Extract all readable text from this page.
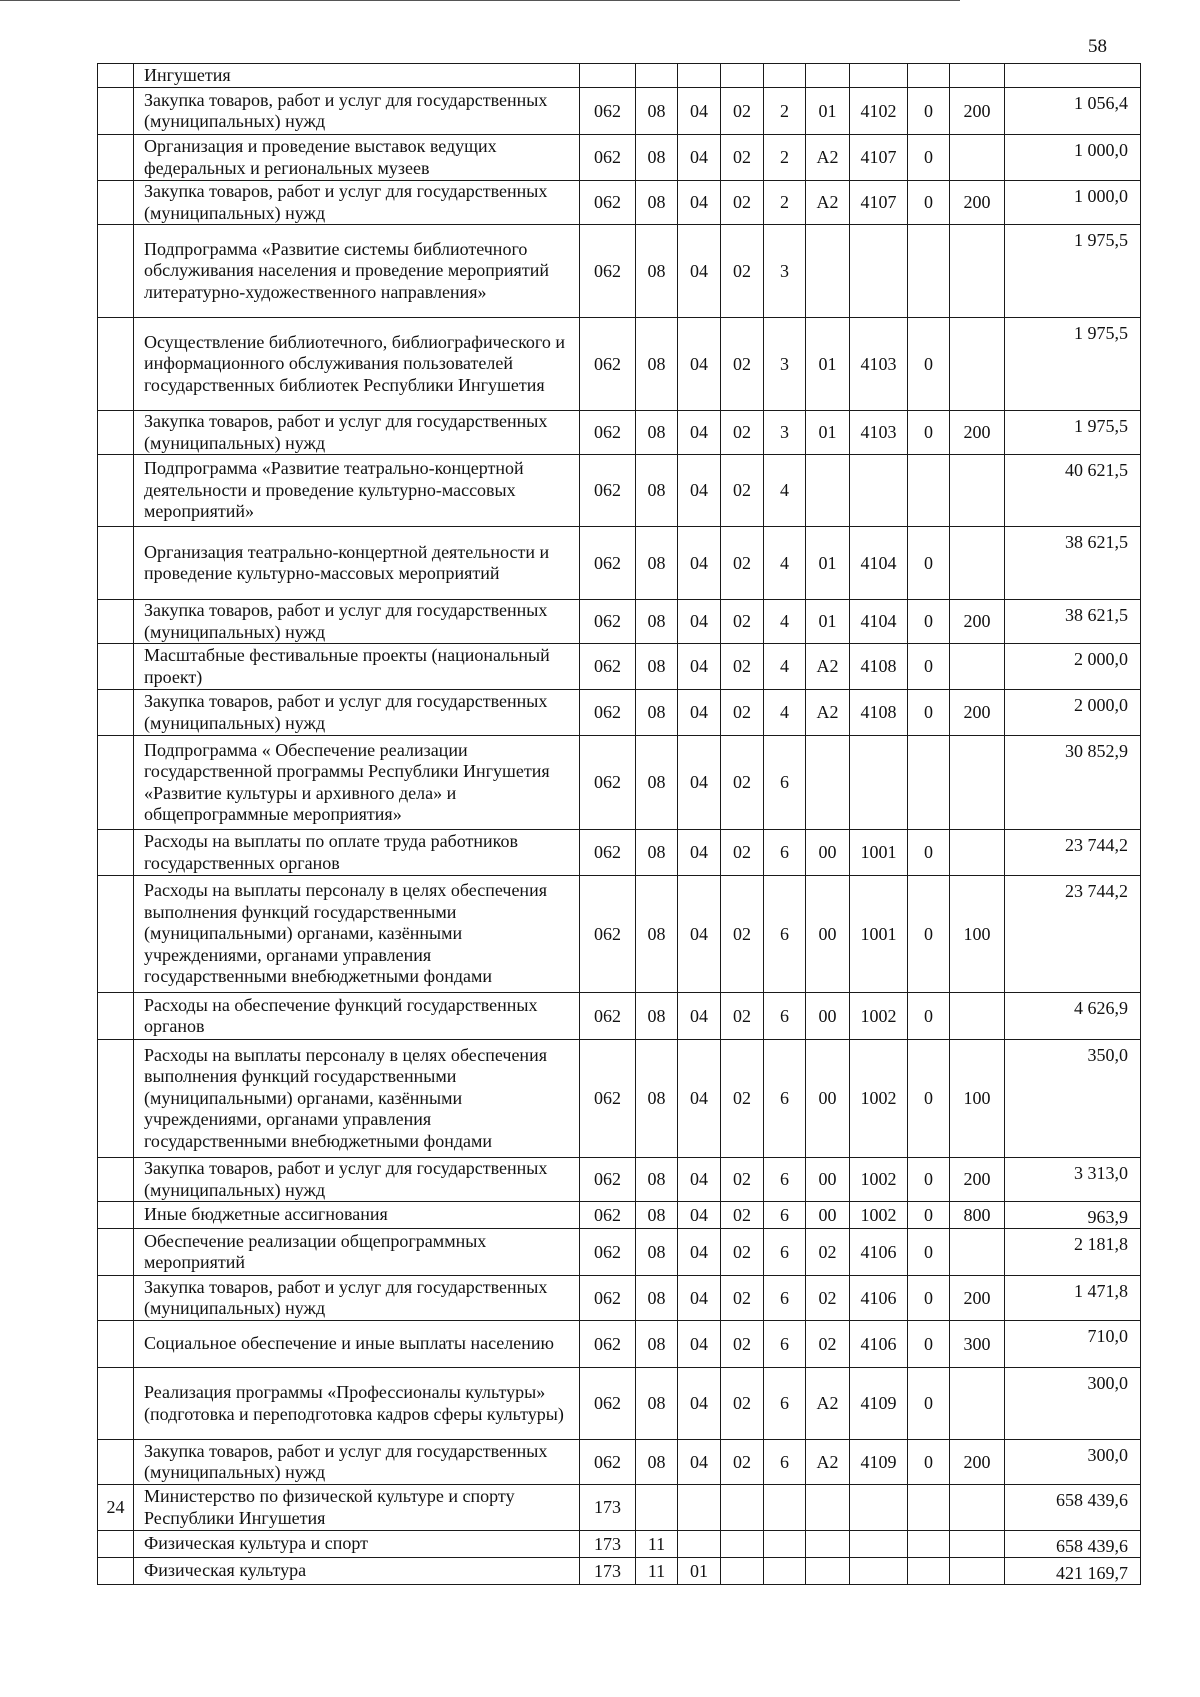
58
	Ингушетия										
	Закупка товаров, работ и услуг для государственных (муниципальных) нужд	062	08	04	02	2	01	4102	0	200	1 056,4
	Организация и проведение выставок ведущих федеральных и региональных музеев	062	08	04	02	2	А2	4107	0		1 000,0
	Закупка товаров, работ и услуг для государственных (муниципальных) нужд	062	08	04	02	2	А2	4107	0	200	1 000,0
	Подпрограмма «Развитие системы библиотечного обслуживания населения и проведение мероприятий литературно-художественного направления»	062	08	04	02	3					1 975,5
	Осуществление библиотечного, библиографического и информационного обслуживания пользователей государственных библиотек Республики Ингушетия	062	08	04	02	3	01	4103	0		1 975,5
	Закупка товаров, работ и услуг для государственных (муниципальных) нужд	062	08	04	02	3	01	4103	0	200	1 975,5
	Подпрограмма «Развитие театрально-концертной деятельности и проведение культурно-массовых мероприятий»	062	08	04	02	4					40 621,5
	Организация театрально-концертной деятельности и проведение культурно-массовых мероприятий	062	08	04	02	4	01	4104	0		38 621,5
	Закупка товаров, работ и услуг для государственных (муниципальных) нужд	062	08	04	02	4	01	4104	0	200	38 621,5
	Масштабные фестивальные проекты (национальный проект)	062	08	04	02	4	А2	4108	0		2 000,0
	Закупка товаров, работ и услуг для государственных (муниципальных) нужд	062	08	04	02	4	А2	4108	0	200	2 000,0
	Подпрограмма « Обеспечение реализации государственной программы Республики Ингушетия «Развитие культуры и архивного дела» и общепрограммные мероприятия»	062	08	04	02	6					30 852,9
	Расходы на выплаты по оплате труда работников государственных органов	062	08	04	02	6	00	1001	0		23 744,2
	Расходы на выплаты персоналу в целях обеспечения выполнения функций государственными (муниципальными) органами, казёнными учреждениями, органами управления государственными внебюджетными фондами	062	08	04	02	6	00	1001	0	100	23 744,2
	Расходы на обеспечение функций государственных органов	062	08	04	02	6	00	1002	0		4 626,9
	Расходы на выплаты персоналу в целях обеспечения выполнения функций государственными (муниципальными) органами, казёнными учреждениями, органами управления государственными внебюджетными фондами	062	08	04	02	6	00	1002	0	100	350,0
	Закупка товаров, работ и услуг для государственных (муниципальных) нужд	062	08	04	02	6	00	1002	0	200	3 313,0
	Иные бюджетные ассигнования	062	08	04	02	6	00	1002	0	800	963,9
	Обеспечение реализации общепрограммных мероприятий	062	08	04	02	6	02	4106	0		2 181,8
	Закупка товаров, работ и услуг для государственных (муниципальных) нужд	062	08	04	02	6	02	4106	0	200	1 471,8
	Социальное обеспечение и иные выплаты населению	062	08	04	02	6	02	4106	0	300	710,0
	Реализация программы «Профессионалы культуры» (подготовка и переподготовка кадров сферы культуры)	062	08	04	02	6	А2	4109	0		300,0
	Закупка товаров, работ и услуг для государственных (муниципальных) нужд	062	08	04	02	6	А2	4109	0	200	300,0
24	Министерство по физической культуре и спорту Республики Ингушетия	173									658 439,6
	Физическая культура и спорт	173	11								658 439,6
	Физическая культура	173	11	01							421 169,7
